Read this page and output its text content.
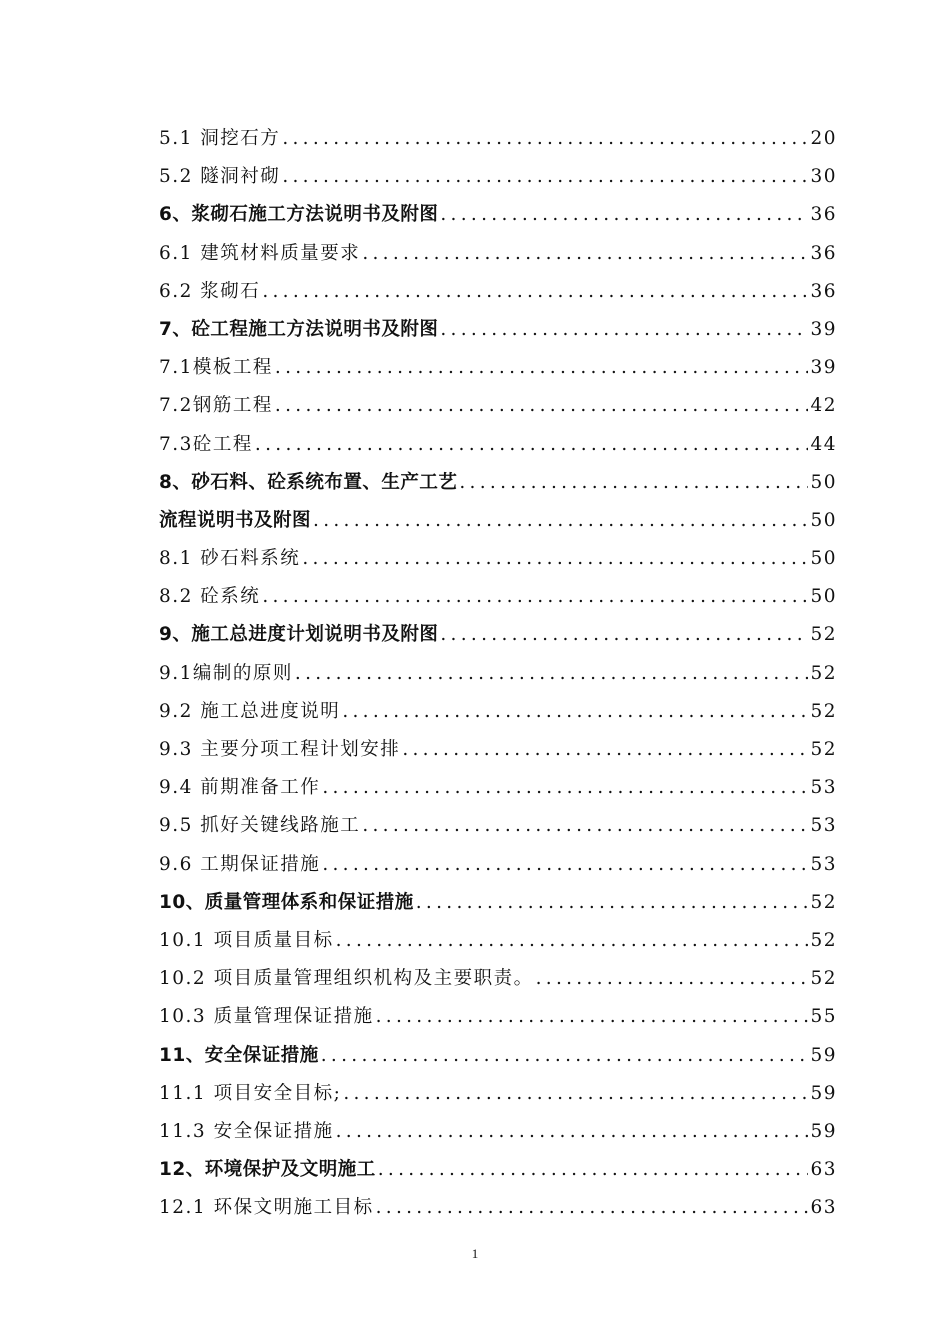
5.1 洞挖石方 .....	20
5.2 隧洞衬砌 .....	30
6、浆砌石施工方法说明书及附图 .....	36
6.1 建筑材料质量要求 .....	36
6.2 浆砌石 .....	36
7、砼工程施工方法说明书及附图 .....	39
7.1模板工程 .....	39
7.2钢筋工程 .....	42
7.3砼工程 .....	44
8、砂石料、砼系统布置、生产工艺 .....	50
流程说明书及附图 .....	50
8.1 砂石料系统 .....	50
8.2 砼系统 .....	50
9、施工总进度计划说明书及附图 .....	52
9.1编制的原则 .....	52
9.2 施工总进度说明 .....	52
9.3 主要分项工程计划安排 .....	52
9.4 前期准备工作 .....	53
9.5 抓好关键线路施工 .....	53
9.6 工期保证措施 .....	53
10、质量管理体系和保证措施 .....	52
10.1 项目质量目标 .....	52
10.2 项目质量管理组织机构及主要职责。 .....	52
10.3 质量管理保证措施 .....	55
11、安全保证措施 .....	59
11.1 项目安全目标; .....	59
11.3 安全保证措施 .....	59
12、环境保护及文明施工 .....	63
12.1 环保文明施工目标 .....	63
1
